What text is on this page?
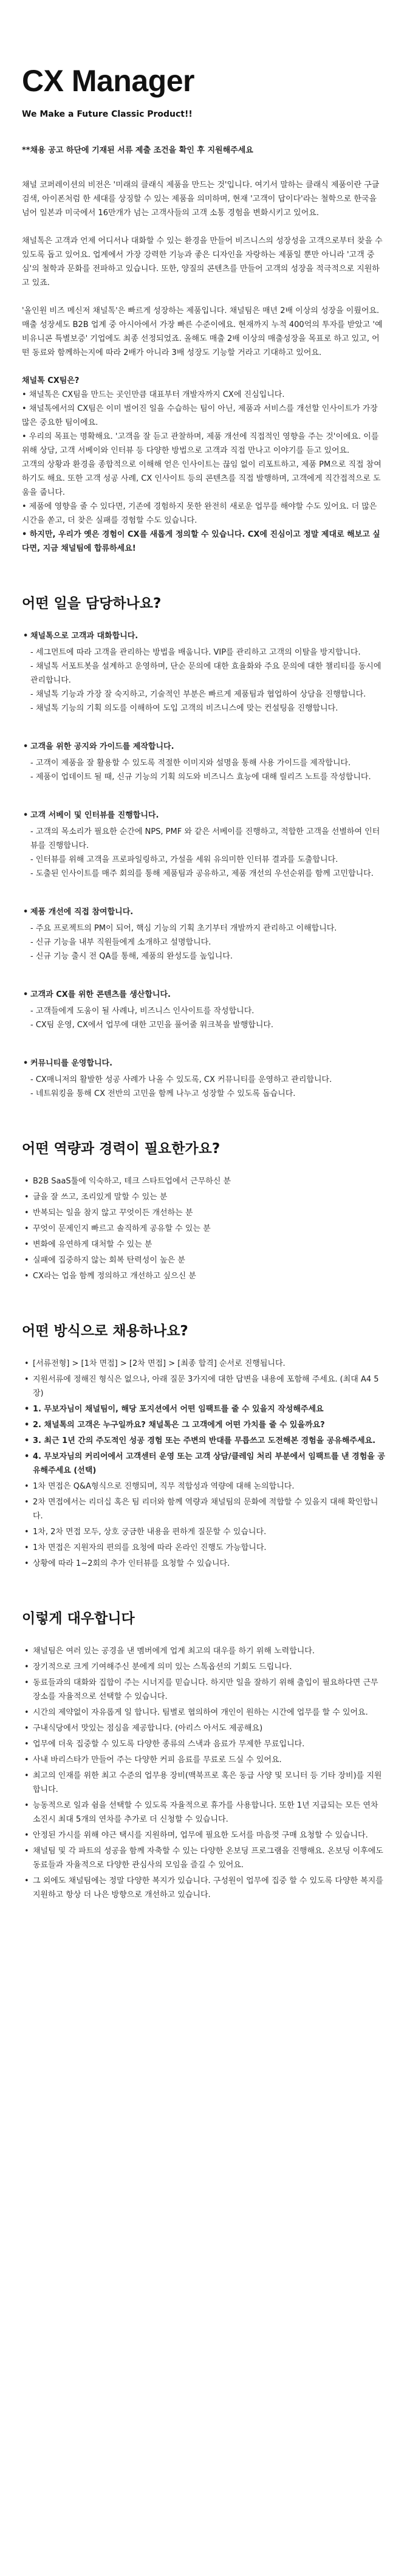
CX Manager
We Make a Future Classic Product!!

**채용 공고 하단에 기재된 서류 제출 조건을 확인 후 지원해주세요

채널 코퍼레이션의 비전은 '미래의 클래식 제품을 만드는 것'입니다. 여기서 말하는 클래식 제품이란 구글 검색, 아이폰처럼 한 세대를 상징할 수 있는 제품을 의미하며, 현재 '고객이 답이다'라는 철학으로 한국을 넘어 일본과 미국에서 16만개가 넘는 고객사들의 고객 소통 경험을 변화시키고 있어요.

채널톡은 고객과 언제 어디서나 대화할 수 있는 환경을 만들어 비즈니스의 성장성을 고객으로부터 찾을 수 있도록 돕고 있어요. 업계에서 가장 강력한 기능과 좋은 디자인을 자랑하는 제품일 뿐만 아니라 '고객 중심'의 철학과 문화를 전파하고 있습니다. 또한, 양질의 콘텐츠를 만들어 고객의 성장을 적극적으로 지원하고 있죠.

'올인원 비즈 메신저 채널톡'은 빠르게 성장하는 제품입니다. 채널팀은 매년 2배 이상의 성장을 이뤘어요. 매출 성장세도 B2B 업계 중 아시아에서 가장 빠른 수준이에요. 현재까지 누적 400억의 투자를 받았고 '예비유니콘 특별보증' 기업에도 최종 선정되었죠. 올해도 매출 2배 이상의 매출성장을 목표로 하고 있고, 어떤 동료와 함께하는지에 따라 2배가 아니라 3배 성장도 기능할 거라고 기대하고 있어요.

채널톡 CX팀은?
• 채널톡은 CX팀을 만드는 곳인만큼 대표부터 개발자까지 CX에 진심입니다.
• 채널톡에서의 CX팀은 이미 벌어진 일을 수습하는 팀이 아닌, 제품과 서비스를 개선할 인사이트가 가장 많은 중요한 팀이에요.
• 우리의 목표는 명확해요. '고객을 잘 듣고 관찰하며, 제품 개선에 직접적인 영향을 주는 것'이에요. 이를 위해 상담, 고객 서베이와 인터뷰 등 다양한 방법으로 고객과 직접 만나고 이야기를 듣고 있어요.
고객의 상황과 환경을 종합적으로 이해해 얻은 인사이트는 끊임 없이 리포트하고, 제품 PM으로 직접 참여하기도 해요. 또한 고객 성공 사례, CX 인사이트 등의 콘텐츠를 직접 발행하며, 고객에게 직간접적으로 도움을 줍니다.
• 제품에 영향을 줄 수 있다면, 기존에 경험하지 못한 완전히 새로운 업무를 해야할 수도 있어요. 더 많은 시간을 쏟고, 더 찾은 실패를 경험할 수도 있습니다.
• 하지만, 우리가 옛은 경험이 CX를 새롭게 정의할 수 있습니다. CX에 진심이고 정말 제대로 해보고 싶다면, 지금 채널팀에 합류하세요!
어떤 일을 담당하나요?
• 채널톡으로 고객과 대화합니다.
- 세그먼트에 따라 고객을 관리하는 방법을 배웁니다. VIP를 관리하고 고객의 이탈을 방지합니다.
- 채널톡 서포트봇을 설계하고 운영하며, 단순 문의에 대한 효율화와 주요 문의에 대한 챌리티를 동시에 관리합니다.
- 채널톡 기능과 가장 잘 숙지하고, 기술적인 부분은 빠르게 제품팀과 협업하여 상담을 진행합니다.
- 채널톡 기능의 기획 의도를 이해하여 도입 고객의 비즈니스에 맞는 컨설팅을 진행합니다.
• 고객을 위한 공지와 가이드를 제작합니다.
- 고객이 제품을 잘 활용할 수 있도록 적절한 이미지와 설명을 통해 사용 가이드를 제작합니다.
- 제품이 업데이트 될 때, 신규 기능의 기획 의도와 비즈니스 효능에 대해 릴리즈 노트를 작성합니다.
• 고객 서베이 및 인터뷰를 진행합니다.
- 고객의 목소리가 필요한 순간에 NPS, PMF 와 같은 서베이를 진행하고, 적합한 고객을 선별하여 인터뷰를 진행합니다.
- 인터뷰를 위해 고객을 프로파일링하고, 가설을 세워 유의미한 인터뷰 결과를 도출합니다.
- 도출된 인사이트를 매주 회의를 통해 제품팀과 공유하고, 제품 개선의 우선순위를 함께 고민합니다.
• 제품 개선에 직접 참여합니다.
- 주요 프로젝트의 PM이 되어, 핵심 기능의 기획 초기부터 개발까지 관리하고 이해합니다.
- 신규 기능을 내부 직원들에게 소개하고 설명합니다.
- 신규 기능 출시 전 QA를 통해, 제품의 완성도를 높입니다.
• 고객과 CX를 위한 콘텐츠를 생산합니다.
- 고객들에게 도움이 될 사례나, 비즈니스 인사이트를 작성합니다.
- CX팀 운영, CX에서 업무에 대한 고민을 풀어줄 워크북을 발행합니다.
• 커뮤니티를 운영합니다.
- CX매니저의 활발한 성공 사례가 나올 수 있도록, CX 커뮤니티를 운영하고 관리합니다.
- 네트워킹을 통해 CX 전반의 고민을 함께 나누고 성장할 수 있도록 돕습니다.
어떤 역량과 경력이 필요한가요?
• B2B SaaS툴에 익숙하고, 테크 스타트업에서 근무하신 분
• 글을 잘 쓰고, 조리있게 말할 수 있는 분
• 반복되는 일을 참지 않고 꾸엇이든 개선하는 분
• 꾸엇이 문제인지 빠르고 솔직하게 공유할 수 있는 분
• 변화에 유연하게 대처할 수 있는 분
• 실패에 집중하지 않는 회복 탄력성이 높은 분
• CX라는 업을 함께 정의하고 개선하고 싶으신 분
어떤 방식으로 채용하나요?
• [서류전형] > [1차 면접] > [2차 면접] > [최종 합격] 순서로 진행됩니다.
• 지원서류에 정해진 형식은 없으나, 아래 질문 3가지에 대한 답변을 내용에 포함해 주세요. (최대 A4 5 장)
• 1. 무보자님이 채널팀이, 해당 포지션에서 어떤 임팩트를 줄 수 있을지 작성해주세요
• 2. 채널톡의 고객은 누구일까요? 채널톡은 그 고객에게 어떤 가치를 줄 수 있을까요?
• 3. 최근 1년 간의 주도적인 성공 경험 또는 주변의 반대를 무릅쓰고 도전해본 경험을 공유해주세요.
• 4. 무보자님의 커리어에서 고객센터 운영 또는 고객 상담/클레임 처리 부분에서 임팩트를 낸 경험을 공유해주세요 (선택)
• 1차 면접은 Q&A형식으로 진행되며, 직무 적합성과 역량에 대해 논의합니다.
• 2차 면접에서는 리더십 혹은 팀 리더와 함께 역량과 채널팀의 문화에 적합할 수 있을지 대해 확인합니다.
• 1차, 2차 면접 모두, 상호 궁금한 내용을 편하게 질문할 수 있습니다.
• 1차 면접은 지원자의 편의를 요청에 따라 온라인 진행도 가능합니다.
• 상황에 따라 1~2회의 추가 인터뷰를 요청할 수 있습니다.
이렇게 대우합니다
• 채널팀은 여러 있는 공경을 낸 멤버에게 업계 최고의 대우를 하기 위해 노력합니다.
• 장기적으로 크게 기여해주신 분에게 의미 있는 스톡옵션의 기회도 드립니다.
• 동료들과의 대화와 집합이 주는 시너지를 믿습니다. 하지만 일을 잘하기 위해 출입이 필요하다면 근무장소를 자율적으로 선택할 수 있습니다.
• 시간의 제약없이 자유롭게 일 합니다. 팀별로 협의하여 개인이 원하는 시간에 업무를 할 수 있어요.
• 구내식당에서 맛있는 점심을 제공합니다. (아리스 아서도 제공해요)
• 업무에 더욱 집중할 수 있도록 다양한 종류의 스낵과 음료가 무제한 무료입니다.
• 사내 바리스타가 만들어 주는 다양한 커피 음료를 무료로 드실 수 있어요.
• 최고의 인재를 위한 최고 수준의 업무용 장비(맥북프로 혹은 동급 사양 및 모니터 등 기타 장비)를 지원합니다.
• 능동적으로 일과 쉼을 선택할 수 있도록 자율적으로 휴가를 사용합니다. 또한 1년 지급되는 모든 연차 소진시 최대 5개의 연차를 추가로 더 신청할 수 있습니다.
• 안정된 가시를 위해 야근 택시를 지원하며, 업무에 필요한 도서를 마음껏 구매 요청할 수 있습니다.
• 채널팀 및 각 파트의 성공을 함께 자축할 수 있는 다양한 온보딩 프로그램을 진행해요. 온보딩 이후에도 동료들과 자율적으로 다양한 관심사의 모임을 즐길 수 있어요.
• 그 외에도 채널팀에는 정말 다양한 복지가 있습니다. 구성원이 업무에 집중 할 수 있도록 다양한 복지를 지원하고 항상 더 나은 방향으로 개선하고 있습니다.
